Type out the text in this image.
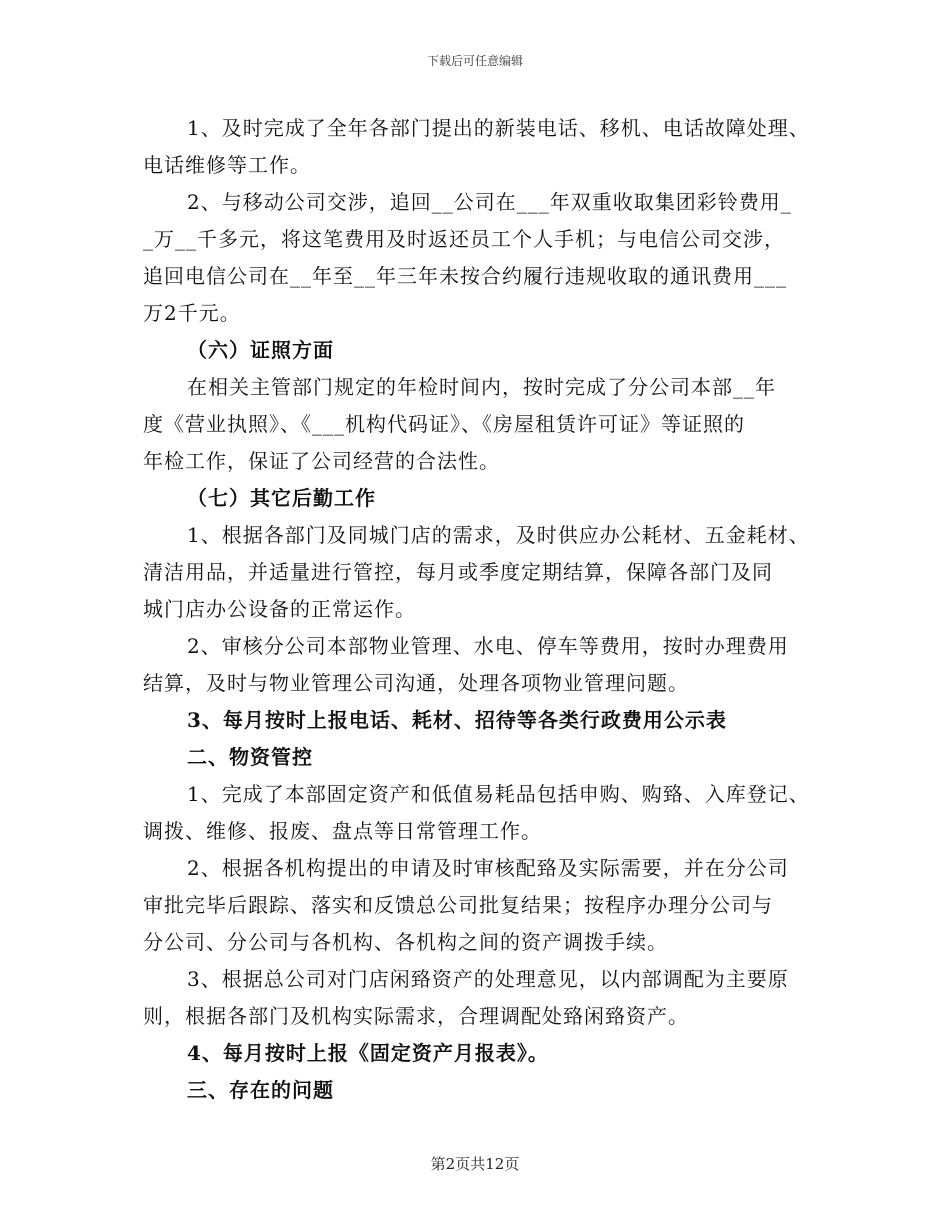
下载后可任意编辑
1、及时完成了全年各部门提出的新装电话、移机、电话故障处理、
电话维修等工作。
2、与移动公司交涉，追回__公司在___年双重收取集团彩铃费用_
_万__千多元，将这笔费用及时返还员工个人手机；与电信公司交涉，
追回电信公司在__年至__年三年未按合约履行违规收取的通讯费用___
万2千元。
（六）证照方面
在相关主管部门规定的年检时间内，按时完成了分公司本部__年
度《营业执照》、《___机构代码证》、《房屋租赁许可证》等证照的
年检工作，保证了公司经营的合法性。
（七）其它后勤工作
1、根据各部门及同城门店的需求，及时供应办公耗材、五金耗材、
清洁用品，并适量进行管控，每月或季度定期结算，保障各部门及同
城门店办公设备的正常运作。
2、审核分公司本部物业管理、水电、停车等费用，按时办理费用
结算，及时与物业管理公司沟通，处理各项物业管理问题。
3、每月按时上报电话、耗材、招待等各类行政费用公示表
二、物资管控
1、完成了本部固定资产和低值易耗品包括申购、购臵、入库登记、
调拨、维修、报废、盘点等日常管理工作。
2、根据各机构提出的申请及时审核配臵及实际需要，并在分公司
审批完毕后跟踪、落实和反馈总公司批复结果；按程序办理分公司与
分公司、分公司与各机构、各机构之间的资产调拨手续。
3、根据总公司对门店闲臵资产的处理意见，以内部调配为主要原
则，根据各部门及机构实际需求，合理调配处臵闲臵资产。
4、每月按时上报《固定资产月报表》。
三、存在的问题
第2页共12页
